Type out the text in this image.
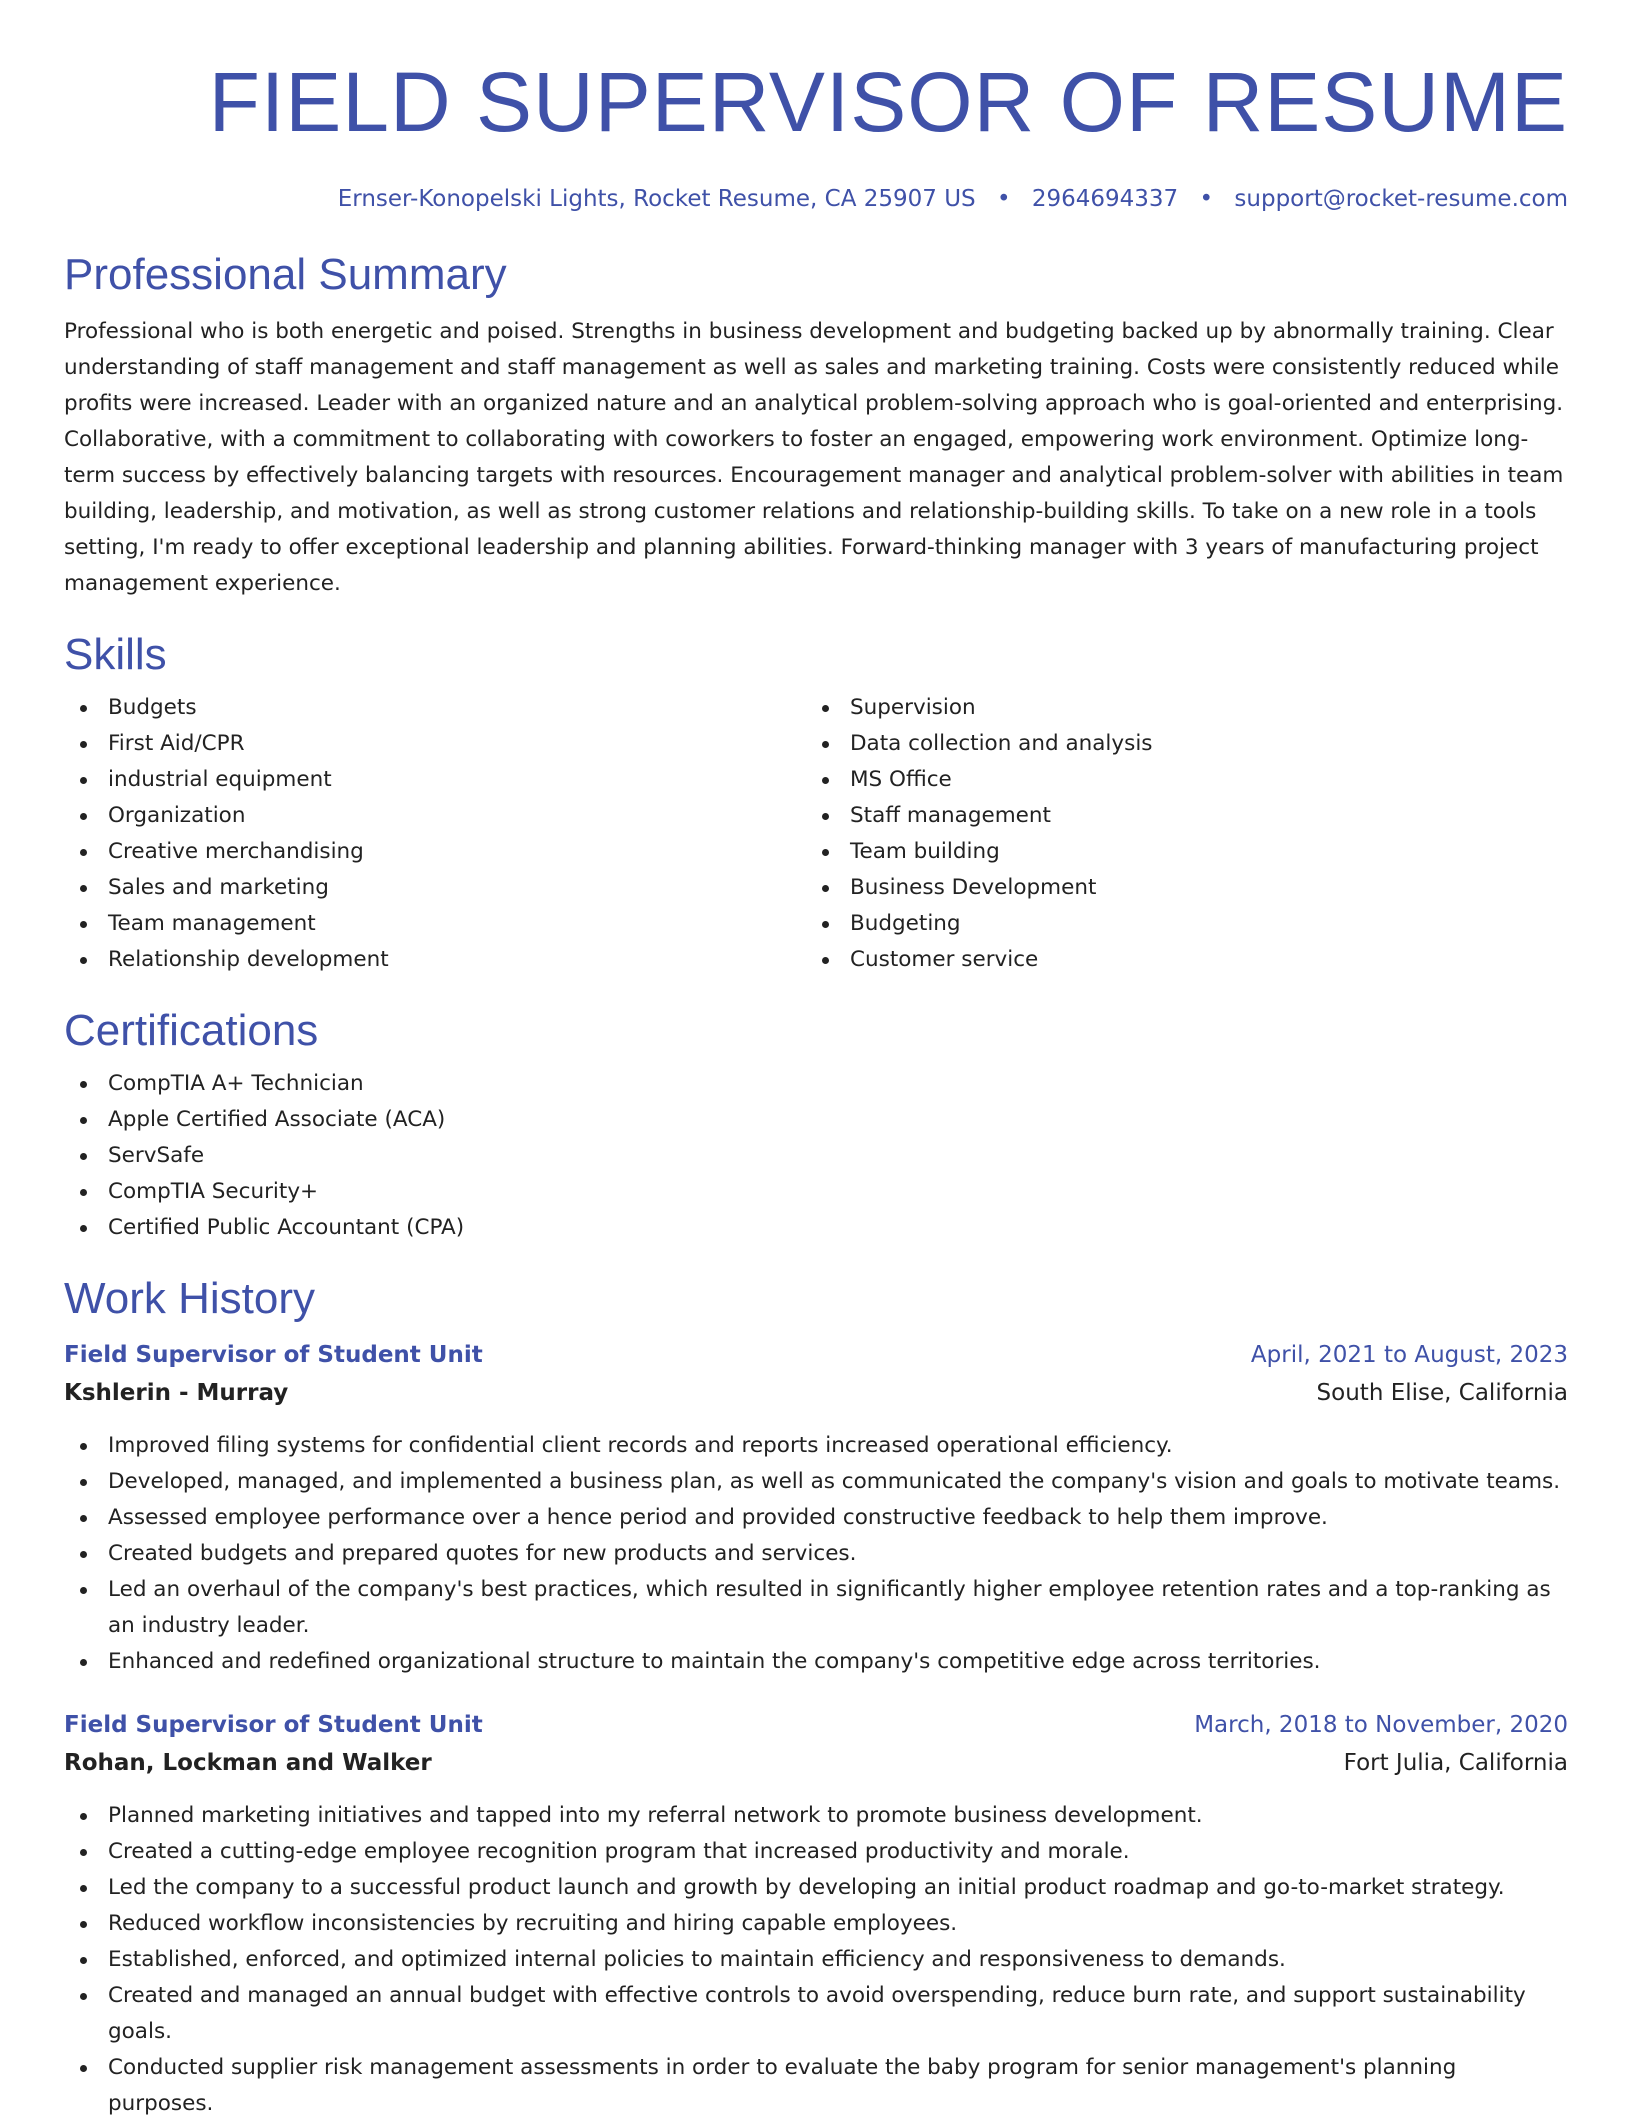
FIELD SUPERVISOR OF RESUME
Ernser-Konopelski Lights, Rocket Resume, CA 25907 US • 2964694337 • support@rocket-resume.com
Professional Summary

Professional who is both energetic and poised. Strengths in business development and budgeting backed up by abnormally training. Clear understanding of staff management and staff management as well as sales and marketing training. Costs were consistently reduced while profits were increased. Leader with an organized nature and an analytical problem-solving approach who is goal-oriented and enterprising. Collaborative, with a commitment to collaborating with coworkers to foster an engaged, empowering work environment. Optimize long-term success by effectively balancing targets with resources. Encouragement manager and analytical problem-solver with abilities in team building, leadership, and motivation, as well as strong customer relations and relationship-building skills. To take on a new role in a tools setting, I'm ready to offer exceptional leadership and planning abilities. Forward-thinking manager with 3 years of manufacturing project management experience.

Skills
Budgets
First Aid/CPR
industrial equipment
Organization
Creative merchandising
Sales and marketing
Team management
Relationship development
Supervision
Data collection and analysis
MS Office
Staff management
Team building
Business Development
Budgeting
Customer service
Certifications
CompTIA A+ Technician
Apple Certified Associate (ACA)
ServSafe
CompTIA Security+
Certified Public Accountant (CPA)
Work History
Field Supervisor of Student Unit	April, 2021 to August, 2023
Kshlerin - Murray	South Elise, California
Improved filing systems for confidential client records and reports increased operational efficiency.
Developed, managed, and implemented a business plan, as well as communicated the company's vision and goals to motivate teams.
Assessed employee performance over a hence period and provided constructive feedback to help them improve.
Created budgets and prepared quotes for new products and services.
Led an overhaul of the company's best practices, which resulted in significantly higher employee retention rates and a top-ranking as an industry leader.
Enhanced and redefined organizational structure to maintain the company's competitive edge across territories.
Field Supervisor of Student Unit	March, 2018 to November, 2020
Rohan, Lockman and Walker	Fort Julia, California
Planned marketing initiatives and tapped into my referral network to promote business development.
Created a cutting-edge employee recognition program that increased productivity and morale.
Led the company to a successful product launch and growth by developing an initial product roadmap and go-to-market strategy.
Reduced workflow inconsistencies by recruiting and hiring capable employees.
Established, enforced, and optimized internal policies to maintain efficiency and responsiveness to demands.
Created and managed an annual budget with effective controls to avoid overspending, reduce burn rate, and support sustainability goals.
Conducted supplier risk management assessments in order to evaluate the baby program for senior management's planning purposes.
